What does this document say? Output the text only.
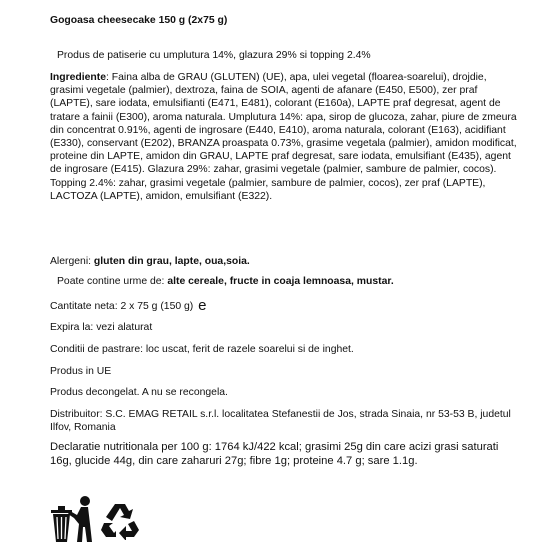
Gogoasa cheesecake 150 g (2x75 g)
Produs de patiserie cu umplutura 14%, glazura 29% si topping 2.4%
Ingrediente: Faina alba de GRAU (GLUTEN) (UE), apa, ulei vegetal (floarea-soarelui), drojdie, grasimi vegetale (palmier), dextroza, faina de SOIA, agenti de afanare (E450, E500), zer praf (LAPTE), sare iodata, emulsifianti (E471, E481), colorant (E160a), LAPTE praf degresat, agent de tratare a fainii (E300), aroma naturala. Umplutura 14%: apa, sirop de glucoza, zahar, piure de zmeura din concentrat 0.91%, agenti de ingrosare (E440, E410), aroma naturala, colorant (E163), acidifiant (E330), conservant (E202), BRANZA proaspata 0.73%, grasime vegetala (palmier), amidon modificat, proteine din LAPTE, amidon din GRAU, LAPTE praf degresat, sare iodata, emulsifiant (E435), agent de ingrosare (E415). Glazura 29%: zahar, grasimi vegetale (palmier, sambure de palmier, cocos). Topping 2.4%: zahar, grasimi vegetale (palmier, sambure de palmier, cocos), zer praf (LAPTE), LACTOZA (LAPTE), amidon, emulsifiant (E322).
Alergeni: gluten din grau, lapte, oua,soia.
Poate contine urme de: alte cereale, fructe in coaja lemnoasa, mustar.
Cantitate neta: 2 x 75 g (150 g) e
Expira la: vezi alaturat
Conditii de pastrare: loc uscat, ferit de razele soarelui si de inghet.
Produs in UE
Produs decongelat. A nu se recongela.
Distribuitor: S.C. EMAG RETAIL s.r.l. localitatea Stefanestii de Jos, strada Sinaia, nr 53-53 B, judetul Ilfov, Romania
Declaratie nutritionala per 100 g: 1764 kJ/422 kcal; grasimi 25g din care acizi grasi saturati 16g, glucide 44g, din care zaharuri 27g; fibre 1g; proteine 4.7 g; sare 1.1g.
